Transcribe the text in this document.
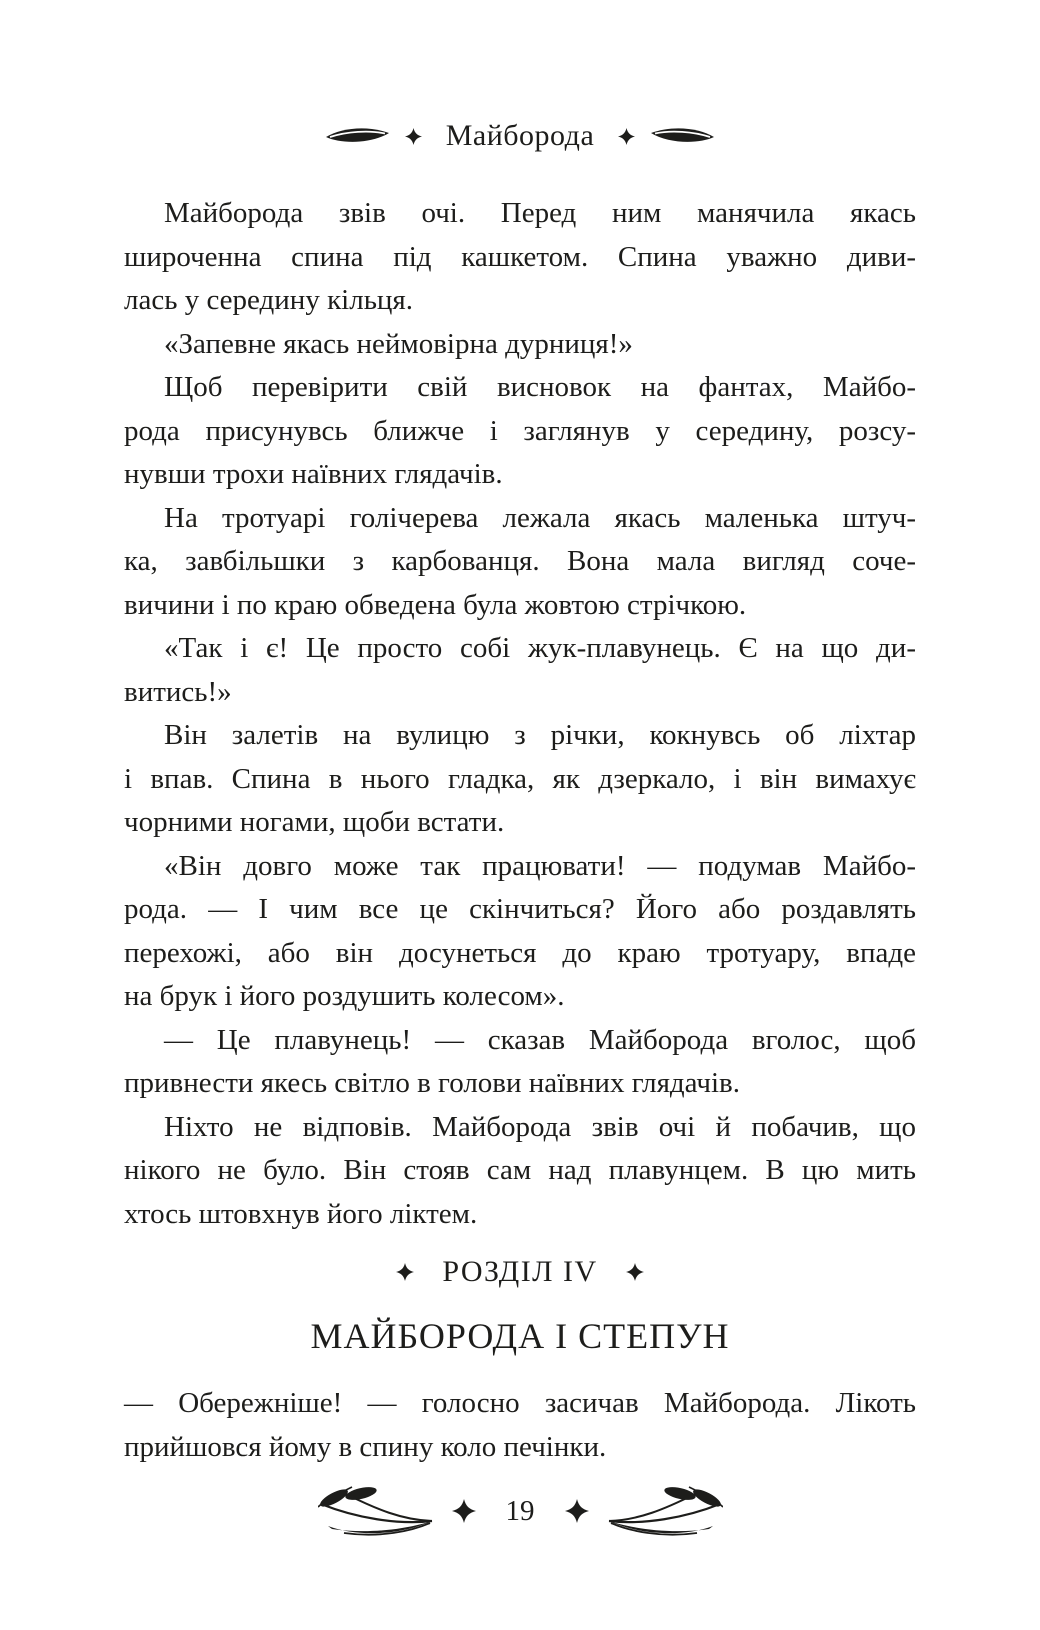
Майборода
Майборода звів очі. Перед ним манячила якась
широченна спина під кашкетом. Спина уважно диви-
лась у середину кільця.
«Запевне якась неймовірна дурниця!»
Щоб перевірити свій висновок на фантах, Майбо-
рода присунувсь ближче і заглянув у середину, розсу-
нувши трохи наївних глядачів.
На тротуарі голічерева лежала якась маленька штуч-
ка, завбільшки з карбованця. Вона мала вигляд соче-
вичини і по краю обведена була жовтою стрічкою.
«Так і є! Це просто собі жук-плавунець. Є на що ди-
витись!»
Він залетів на вулицю з річки, кокнувсь об ліхтар
і впав. Спина в нього гладка, як дзеркало, і він вимахує
чорними ногами, щоби встати.
«Він довго може так працювати! — подумав Майбо-
рода. — І чим все це скінчиться? Його або роздавлять
перехожі, або він досунеться до краю тротуару, впаде
на брук і його роздушить колесом».
— Це плавунець! — сказав Майборода вголос, щоб
привнести якесь світло в голови наївних глядачів.
Ніхто не відповів. Майборода звів очі й побачив, що
нікого не було. Він стояв сам над плавунцем. В цю мить
хтось штовхнув його ліктем.
РОЗДІЛ IV
МАЙБОРОДА І СТЕПУН
— Обережніше! — голосно засичав Майборода. Лікоть
прийшовся йому в спину коло печінки.
19
